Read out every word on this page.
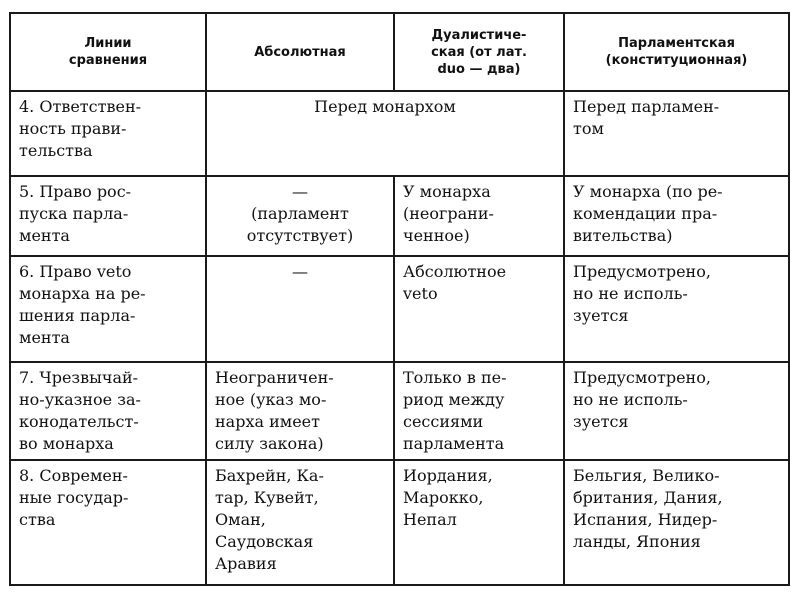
Линии
сравнения	Абсолютная	Дуалистиче-
ская (от лат.
duo — два)	Парламентская
(конституционная)
4. Ответствен-
ность прави-
тельства	Перед монархом		Перед парламен-
том
5. Право рос-
пуска парла-
мента	—
(парламент
отсутствует)	У монарха
(неограни-
ченное)	У монарха (по ре-
комендации пра-
вительства)
6. Право veto
монарха на ре-
шения парла-
мента	—	Абсолютное
veto	Предусмотрено,
но не исполь-
зуется
7. Чрезвычай-
но-указное за-
конодательст-
во монарха	Неограничен-
ное (указ мо-
нарха имеет
силу закона)	Только в пе-
риод между
сессиями
парламента	Предусмотрено,
но не исполь-
зуется
8. Современ-
ные государ-
ства	Бахрейн, Ка-
тар, Кувейт,
Оман,
Саудовская
Аравия	Иордания,
Марокко,
Непал	Бельгия, Велико-
британия, Дания,
Испания, Нидер-
ланды, Япония
